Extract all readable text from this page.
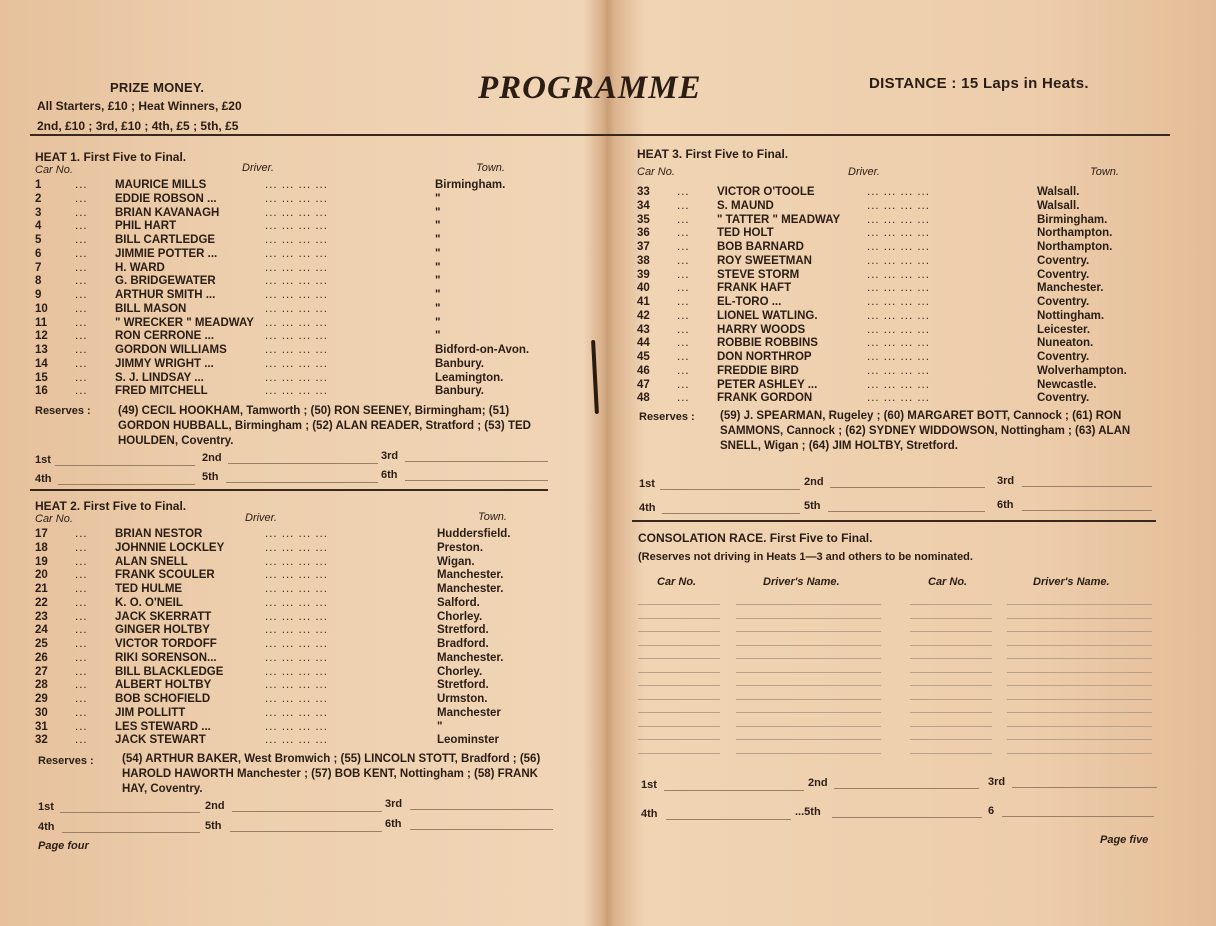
PRIZE MONEY.
All Starters, £10 ; Heat Winners, £20
2nd, £10 ; 3rd, £10 ; 4th, £5 ; 5th, £5
PROGRAMME	DISTANCE : 15 Laps in Heats.
HEAT 1. First Five to Final.
Car No.	Driver.	Town.
1	... MAURICE MILLS	... ... ... ...	Birmingham.
2	... EDDIE ROBSON ...	... ... ... ...	"
3	... BRIAN KAVANAGH	... ... ... ...	"
4	... PHIL HART	... ... ... ...	"
5	... BILL CARTLEDGE	... ... ... ...	"
6	... JIMMIE POTTER ...	... ... ... ...	"
7	... H. WARD	... ... ... ...	"
8	... G. BRIDGEWATER	... ... ... ...	"
9	... ARTHUR SMITH ...	... ... ... ...	"
10	... BILL MASON	... ... ... ...	"
11	... " WRECKER " MEADWAY ... ... ... ...	"
12	... RON CERRONE ...	... ... ... ...	"
13	... GORDON WILLIAMS	... ... ... ...	Bidford-on-Avon.
14	... JIMMY WRIGHT ...	... ... ... ...	Banbury.
15	... S. J. LINDSAY ...	... ... ... ...	Leamington.
16	... FRED MITCHELL	... ... ... ...	Banbury.
Reserves : (49) CECIL HOOKHAM, Tamworth ; (50) RON SEENEY, Birmingham; (51) GORDON HUBBALL, Birmingham ; (52) ALAN READER, Stratford ; (53) TED HOULDEN, Coventry.
1st	2nd	3rd
4th	5th	6th
HEAT 2. First Five to Final.
Car No.	Driver.	Town.
17	... BRIAN NESTOR	... ... ... ...	Huddersfield.
18	... JOHNNIE LOCKLEY	... ... ... ...	Preston.
19	... ALAN SNELL	... ... ... ...	Wigan.
20	... FRANK SCOULER	... ... ... ...	Manchester.
21	... TED HULME	... ... ... ...	Manchester.
22	... K. O. O'NEIL	... ... ... ...	Salford.
23	... JACK SKERRATT	... ... ... ...	Chorley.
24	... GINGER HOLTBY	... ... ... ...	Stretford.
25	... VICTOR TORDOFF	... ... ... ...	Bradford.
26	... RIKI SORENSON...	... ... ... ...	Manchester.
27	... BILL BLACKLEDGE	... ... ... ...	Chorley.
28	... ALBERT HOLTBY	... ... ... ...	Stretford.
29	... BOB SCHOFIELD	... ... ... ...	Urmston.
30	... JIM POLLITT	... ... ... ...	Manchester
31	... LES STEWARD ...	... ... ... ...	"
32	... JACK STEWART	... ... ... ...	Leominster
Reserves : (54) ARTHUR BAKER, West Bromwich ; (55) LINCOLN STOTT, Bradford ; (56) HAROLD HAWORTH Manchester ; (57) BOB KENT, Nottingham ; (58) FRANK HAY, Coventry.
1st	2nd	3rd
4th	5th	6th
Page four
HEAT 3. First Five to Final.
Car No.	Driver.	Town.
33	... VICTOR O'TOOLE	... ... ... ...	Walsall.
34	... S. MAUND	... ... ... ...	Walsall.
35	... " TATTER " MEADWAY ... ... ... ...	Birmingham.
36	... TED HOLT	... ... ... ...	Northampton.
37	... BOB BARNARD	... ... ... ...	Northampton.
38	... ROY SWEETMAN	... ... ... ...	Coventry.
39	... STEVE STORM	... ... ... ...	Coventry.
40	... FRANK HAFT	... ... ... ...	Manchester.
41	... EL-TORO ...	... ... ... ...	Coventry.
42	... LIONEL WATLING.	... ... ... ...	Nottingham.
43	... HARRY WOODS	... ... ... ...	Leicester.
44	... ROBBIE ROBBINS	... ... ... ...	Nuneaton.
45	... DON NORTHROP	... ... ... ...	Coventry.
46	... FREDDIE BIRD	... ... ... ...	Wolverhampton.
47	... PETER ASHLEY ...	... ... ... ...	Newcastle.
48	... FRANK GORDON	... ... ... ...	Coventry.
Reserves : (59) J. SPEARMAN, Rugeley ; (60) MARGARET BOTT, Cannock ; (61) RON SAMMONS, Cannock ; (62) SYDNEY WIDDOWSON, Nottingham ; (63) ALAN SNELL, Wigan ; (64) JIM HOLTBY, Stretford.
1st	2nd	3rd
4th	5th	6th
CONSOLATION RACE. First Five to Final.
(Reserves not driving in Heats 1—3 and others to be nominated.
Car No.	Driver's Name.	Car No.	Driver's Name.
1st	2nd	3rd
4th	...5th	6
Page five
